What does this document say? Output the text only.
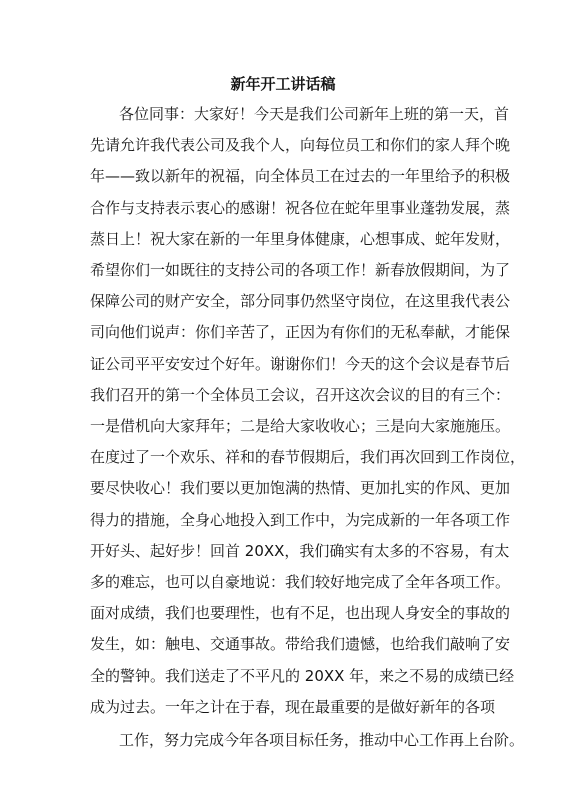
新年开工讲话稿
各位同事：大家好！今天是我们公司新年上班的第一天，首
先请允许我代表公司及我个人，向每位员工和你们的家人拜个晚
年——致以新年的祝福，向全体员工在过去的一年里给予的积极
合作与支持表示衷心的感谢！祝各位在蛇年里事业蓬勃发展，蒸
蒸日上！祝大家在新的一年里身体健康，心想事成、蛇年发财，
希望你们一如既往的支持公司的各项工作！新春放假期间，为了
保障公司的财产安全，部分同事仍然坚守岗位，在这里我代表公
司向他们说声：你们辛苦了，正因为有你们的无私奉献，才能保
证公司平平安安过个好年。谢谢你们！今天的这个会议是春节后
我们召开的第一个全体员工会议，召开这次会议的目的有三个：
一是借机向大家拜年；二是给大家收收心；三是向大家施施压。
在度过了一个欢乐、祥和的春节假期后，我们再次回到工作岗位，
要尽快收心！我们要以更加饱满的热情、更加扎实的作风、更加
得力的措施，全身心地投入到工作中，为完成新的一年各项工作
开好头、起好步！回首 20XX，我们确实有太多的不容易，有太
多的难忘，也可以自豪地说：我们较好地完成了全年各项工作。
面对成绩，我们也要理性，也有不足，也出现人身安全的事故的
发生，如：触电、交通事故。带给我们遗憾，也给我们敲响了安
全的警钟。我们送走了不平凡的 20XX 年，来之不易的成绩已经
成为过去。一年之计在于春，现在最重要的是做好新年的各项
工作，努力完成今年各项目标任务，推动中心工作再上台阶。
